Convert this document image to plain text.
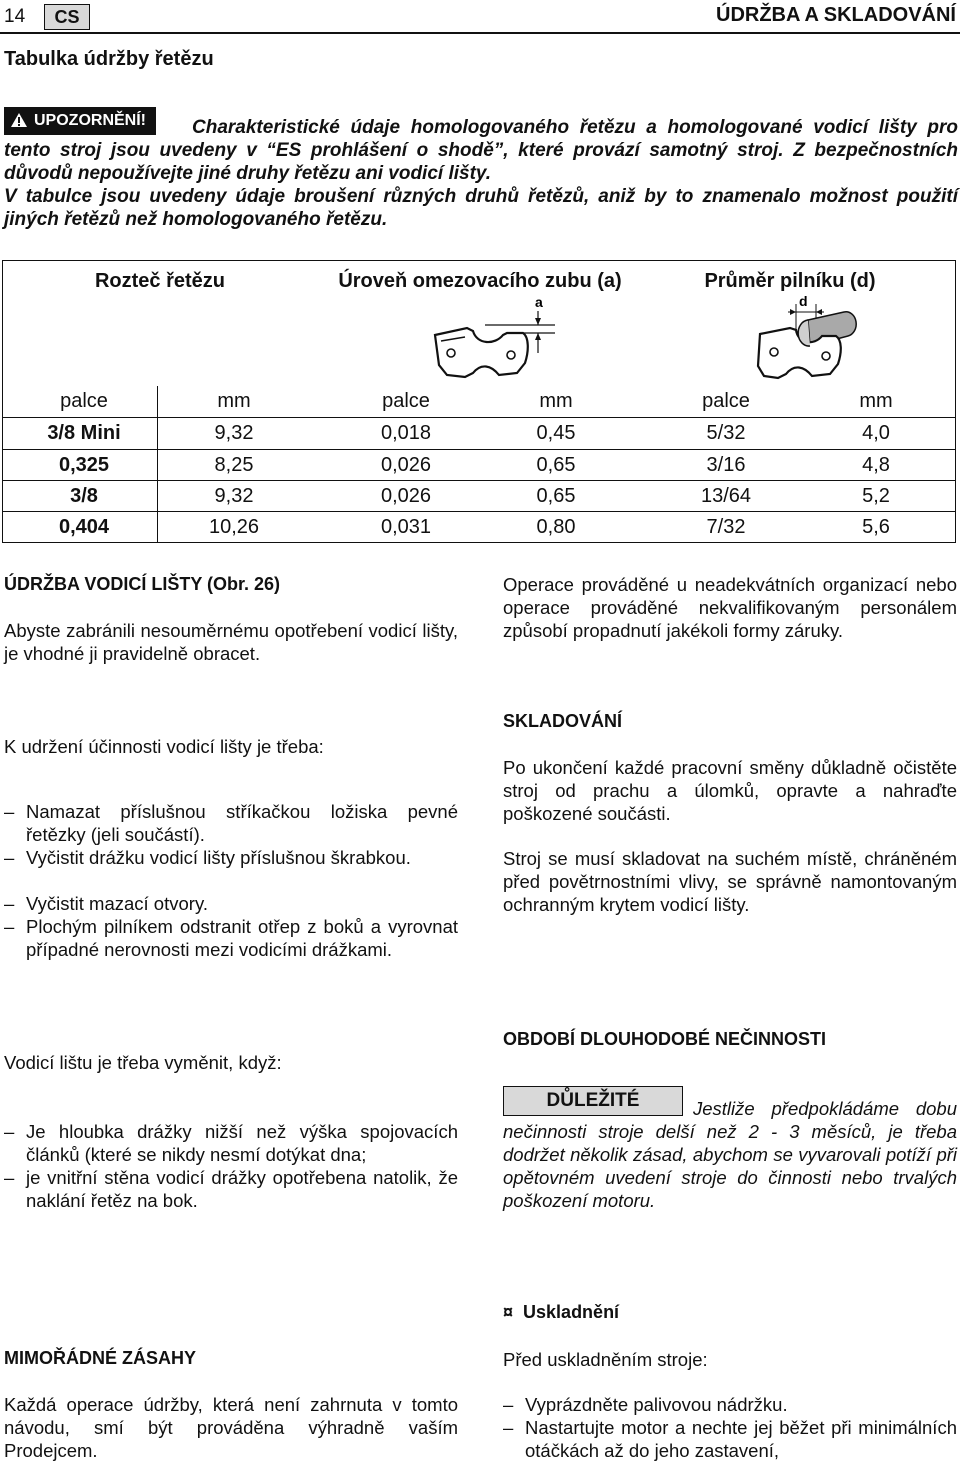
14	CS	ÚDRŽBA A SKLADOVÁNÍ
Tabulka údržby řetězu
Charakteristické údaje homologovaného řetězu a homologované vodicí lišty pro tento stroj jsou uvedeny v “ES prohlášení o shodě”, které provází samotný stroj. Z bezpečnostních důvodů nepoužívejte jiné druhy řetězu ani vodicí lišty.
V tabulce jsou uvedeny údaje broušení různých druhů řetězů, aniž by to znamenalo možnost použití jiných řetězů než homologovaného řetězu.
UPOZORNĚNÍ!
Rozteč řetězu	Úroveň omezovacího zubu (a)	Průměr pilníku (d)
a	d
palce	mm	palce	mm	palce	mm
3/8 Mini	9,32	0,018	0,45	5/32	4,0
0,325	8,25	0,026	0,65	3/16	4,8
3/8	9,32	0,026	0,65	13/64	5,2
0,404	10,26	0,031	0,80	7/32	5,6
ÚDRŽBA VODICÍ LIŠTY (Obr. 26)
Abyste zabránili nesouměrnému opotřebení vodicí lišty, je vhodné ji pravidelně obracet.
K udržení účinnosti vodicí lišty je třeba:
– Namazat příslušnou stříkačkou ložiska pevné řetězky (jeli součástí).
– Vyčistit drážku vodicí lišty příslušnou škrabkou.
– Vyčistit mazací otvory.
– Plochým pilníkem odstranit otřep z boků a vyrovnat případné nerovnosti mezi vodicími drážkami.
Vodicí lištu je třeba vyměnit, když:
– Je hloubka drážky nižší než výška spojovacích článků (které se nikdy nesmí dotýkat dna;
– je vnitřní stěna vodicí drážky opotřebena natolik, že naklání řetěz na bok.
MIMOŘÁDNÉ ZÁSAHY
Každá operace údržby, která není zahrnuta v tomto návodu, smí být prováděna výhradně vaším Prodejcem.
Operace prováděné u neadekvátních organizací nebo operace prováděné nekvalifikovaným personálem způsobí propadnutí jakékoli formy záruky.
SKLADOVÁNÍ
Po ukončení každé pracovní směny důkladně očistěte stroj od prachu a úlomků, opravte a nahraďte poškozené součásti.
Stroj se musí skladovat na suchém místě, chráněném před povětrnostními vlivy, se správně namontovaným ochranným krytem vodicí lišty.
OBDOBÍ DLOUHODOBÉ NEČINNOSTI
Jestliže předpokládáme dobu nečinnosti stroje delší než 2 - 3 měsíců, je třeba dodržet několik zásad, abychom se vyvarovali potíží při opětovném uvedení stroje do činnosti nebo trvalých poškození motoru.
DŮLEŽITÉ
¤ Uskladnění
Před uskladněním stroje:
– Vyprázdněte palivovou nádržku.
– Nastartujte motor a nechte jej běžet při minimálních otáčkách až do jeho zastavení,
